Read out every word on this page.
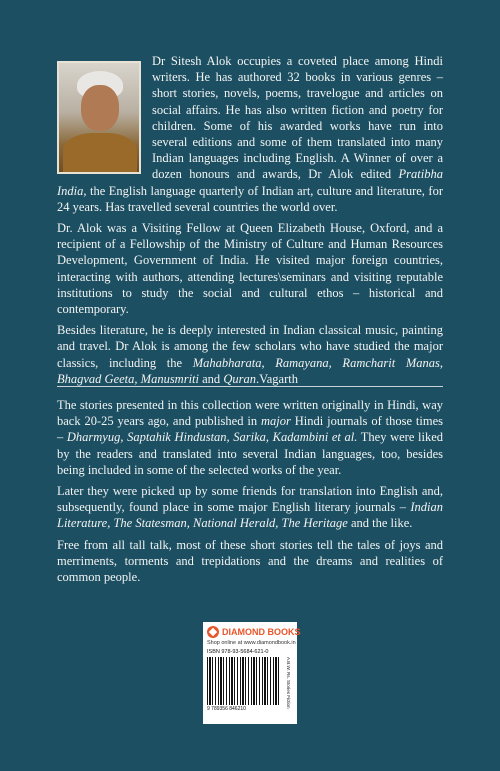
Dr Sitesh Alok occupies a coveted place among Hindi writers. He has authored 32 books in various genres – short stories, novels, poems, travelogue and articles on social affairs. He has also written fiction and poetry for children. Some of his awarded works have run into several editions and some of them translated into many Indian languages including English. A Winner of over a dozen honours and awards, Dr Alok edited Pratibha India, the English language quarterly of Indian art, culture and literature, for 24 years. Has travelled several countries the world over.

Dr. Alok was a Visiting Fellow at Queen Elizabeth House, Oxford, and a recipient of a Fellowship of the Ministry of Culture and Human Resources Development, Government of India. He visited major foreign countries, interacting with authors, attending lectures\seminars and visiting reputable institutions to study the social and cultural ethos – historical and contemporary.

Besides literature, he is deeply interested in Indian classical music, painting and travel. Dr Alok is among the few scholars who have studied the major classics, including the Mahabharata, Ramayana, Ramcharit Manas, Bhagvad Geeta, Manusmriti and Quran.Vagarth

The stories presented in this collection were written originally in Hindi, way back 20-25 years ago, and published in major Hindi journals of those times – Dharmyug, Saptahik Hindustan, Sarika, Kadambini et al. They were liked by the readers and translated into several Indian languages, too, besides being included in some of the selected works of the year.

Later they were picked up by some friends for translation into English and, subsequently, found place in some major English literary journals – Indian Literature, The Statesman, National Herald, The Heritage and the like.

Free from all tall talk, most of these short stories tell the tales of joys and merriments, torments and trepidations and the dreams and realities of common people.

DIAMOND BOOKS
Shop online at www.diamondbook.in
ISBN 978-93-5684-621-0
9 789356 846210
A.B.W. Rs. Stories Fiction
